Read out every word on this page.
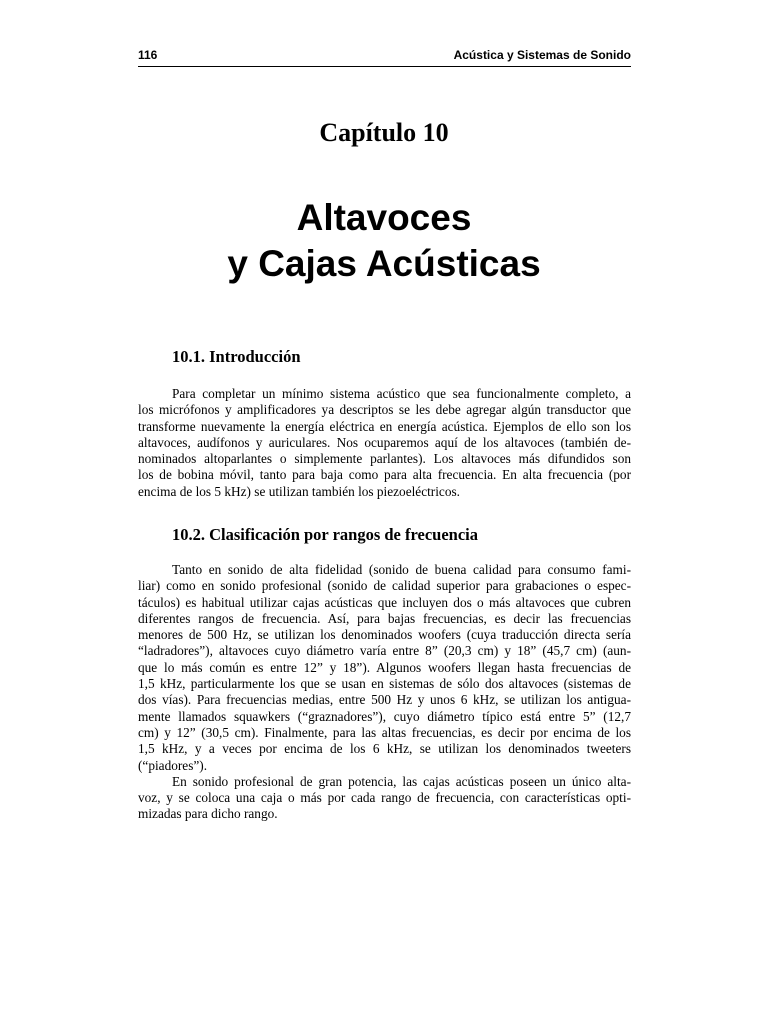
116	Acústica y Sistemas de Sonido
Capítulo 10
Altavoces
y Cajas Acústicas
10.1. Introducción
Para completar un mínimo sistema acústico que sea funcionalmente completo, a
los micrófonos y amplificadores ya descriptos se les debe agregar algún transductor que
transforme nuevamente la energía eléctrica en energía acústica. Ejemplos de ello son los
altavoces, audífonos y auriculares. Nos ocuparemos aquí de los altavoces (también de-
nominados altoparlantes o simplemente parlantes). Los altavoces más difundidos son
los de bobina móvil, tanto para baja como para alta frecuencia. En alta frecuencia (por
encima de los 5 kHz) se utilizan también los piezoeléctricos.
10.2. Clasificación por rangos de frecuencia
Tanto en sonido de alta fidelidad (sonido de buena calidad para consumo fami-
liar) como en sonido profesional (sonido de calidad superior para grabaciones o espec-
táculos) es habitual utilizar cajas acústicas que incluyen dos o más altavoces que cubren
diferentes rangos de frecuencia. Así, para bajas frecuencias, es decir las frecuencias
menores de 500 Hz, se utilizan los denominados woofers (cuya traducción directa sería
“ladradores”), altavoces cuyo diámetro varía entre 8” (20,3 cm) y 18” (45,7 cm) (aun-
que lo más común es entre 12” y 18”). Algunos woofers llegan hasta frecuencias de
1,5 kHz, particularmente los que se usan en sistemas de sólo dos altavoces (sistemas de
dos vías). Para frecuencias medias, entre 500 Hz y unos 6 kHz, se utilizan los antigua-
mente llamados squawkers (“graznadores”), cuyo diámetro típico está entre 5” (12,7
cm) y 12” (30,5 cm). Finalmente, para las altas frecuencias, es decir por encima de los
1,5 kHz, y a veces por encima de los 6 kHz, se utilizan los denominados tweeters
(“piadores”).
En sonido profesional de gran potencia, las cajas acústicas poseen un único alta-
voz, y se coloca una caja o más por cada rango de frecuencia, con características opti-
mizadas para dicho rango.
